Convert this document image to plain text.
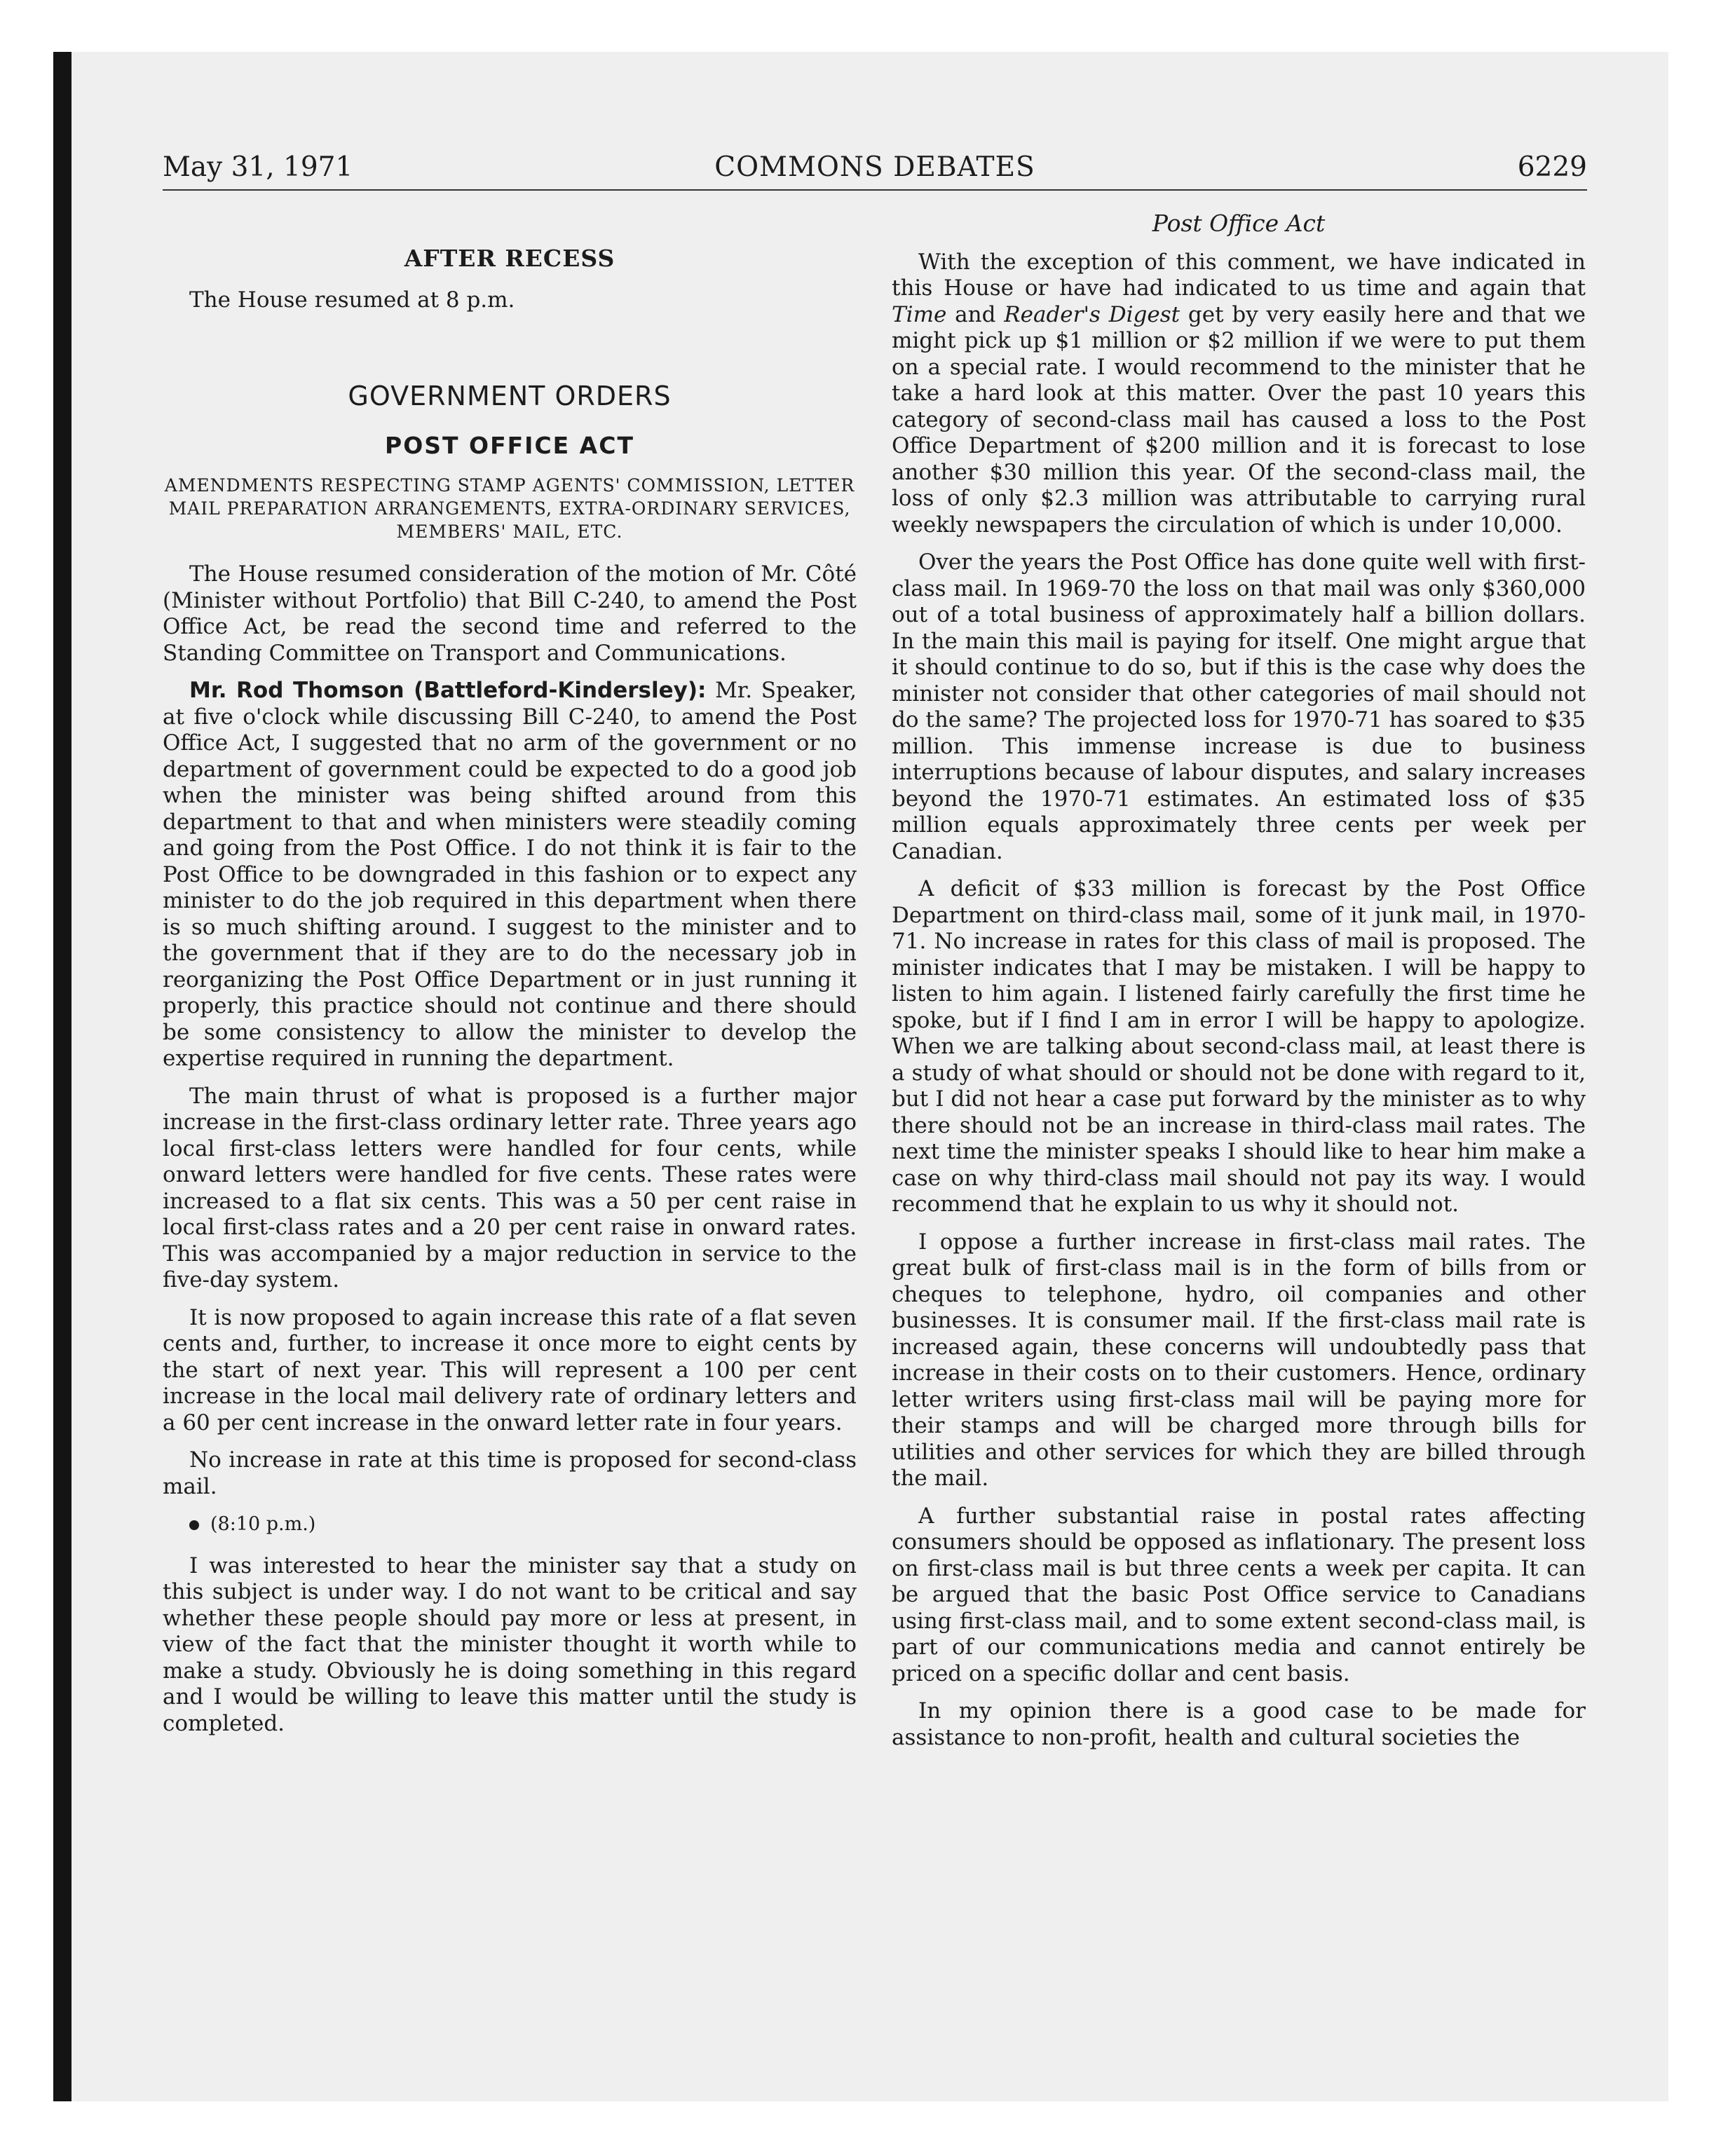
May 31, 1971	COMMONS DEBATES	6229
AFTER RECESS

The House resumed at 8 p.m.

GOVERNMENT ORDERS
POST OFFICE ACT

AMENDMENTS RESPECTING STAMP AGENTS' COMMISSION, LETTER MAIL PREPARATION ARRANGEMENTS, EXTRA-ORDINARY SERVICES, MEMBERS' MAIL, ETC.

The House resumed consideration of the motion of Mr. Côté (Minister without Portfolio) that Bill C-240, to amend the Post Office Act, be read the second time and referred to the Standing Committee on Transport and Communications.

Mr. Rod Thomson (Battleford-Kindersley): Mr. Speaker, at five o'clock while discussing Bill C-240, to amend the Post Office Act, I suggested that no arm of the government or no department of government could be expected to do a good job when the minister was being shifted around from this department to that and when ministers were steadily coming and going from the Post Office. I do not think it is fair to the Post Office to be downgraded in this fashion or to expect any minister to do the job required in this department when there is so much shifting around. I suggest to the minister and to the government that if they are to do the necessary job in reorganizing the Post Office Department or in just running it properly, this practice should not continue and there should be some consistency to allow the minister to develop the expertise required in running the department.

The main thrust of what is proposed is a further major increase in the first-class ordinary letter rate. Three years ago local first-class letters were handled for four cents, while onward letters were handled for five cents. These rates were increased to a flat six cents. This was a 50 per cent raise in local first-class rates and a 20 per cent raise in onward rates. This was accompanied by a major reduction in service to the five-day system.

It is now proposed to again increase this rate of a flat seven cents and, further, to increase it once more to eight cents by the start of next year. This will represent a 100 per cent increase in the local mail delivery rate of ordinary letters and a 60 per cent increase in the onward letter rate in four years.

No increase in rate at this time is proposed for second-class mail.

(8:10 p.m.)

I was interested to hear the minister say that a study on this subject is under way. I do not want to be critical and say whether these people should pay more or less at present, in view of the fact that the minister thought it worth while to make a study. Obviously he is doing something in this regard and I would be willing to leave this matter until the study is completed.

Post Office Act

With the exception of this comment, we have indicated in this House or have had indicated to us time and again that Time and Reader's Digest get by very easily here and that we might pick up $1 million or $2 million if we were to put them on a special rate. I would recommend to the minister that he take a hard look at this matter. Over the past 10 years this category of second-class mail has caused a loss to the Post Office Department of $200 million and it is forecast to lose another $30 million this year. Of the second-class mail, the loss of only $2.3 million was attributable to carrying rural weekly newspapers the circulation of which is under 10,000.

Over the years the Post Office has done quite well with first-class mail. In 1969-70 the loss on that mail was only $360,000 out of a total business of approximately half a billion dollars. In the main this mail is paying for itself. One might argue that it should continue to do so, but if this is the case why does the minister not consider that other categories of mail should not do the same? The projected loss for 1970-71 has soared to $35 million. This immense increase is due to business interruptions because of labour disputes, and salary increases beyond the 1970-71 estimates. An estimated loss of $35 million equals approximately three cents per week per Canadian.

A deficit of $33 million is forecast by the Post Office Department on third-class mail, some of it junk mail, in 1970-71. No increase in rates for this class of mail is proposed. The minister indicates that I may be mistaken. I will be happy to listen to him again. I listened fairly carefully the first time he spoke, but if I find I am in error I will be happy to apologize. When we are talking about second-class mail, at least there is a study of what should or should not be done with regard to it, but I did not hear a case put forward by the minister as to why there should not be an increase in third-class mail rates. The next time the minister speaks I should like to hear him make a case on why third-class mail should not pay its way. I would recommend that he explain to us why it should not.

I oppose a further increase in first-class mail rates. The great bulk of first-class mail is in the form of bills from or cheques to telephone, hydro, oil companies and other businesses. It is consumer mail. If the first-class mail rate is increased again, these concerns will undoubtedly pass that increase in their costs on to their customers. Hence, ordinary letter writers using first-class mail will be paying more for their stamps and will be charged more through bills for utilities and other services for which they are billed through the mail.

A further substantial raise in postal rates affecting consumers should be opposed as inflationary. The present loss on first-class mail is but three cents a week per capita. It can be argued that the basic Post Office service to Canadians using first-class mail, and to some extent second-class mail, is part of our communications media and cannot entirely be priced on a specific dollar and cent basis.

In my opinion there is a good case to be made for assistance to non-profit, health and cultural societies the
